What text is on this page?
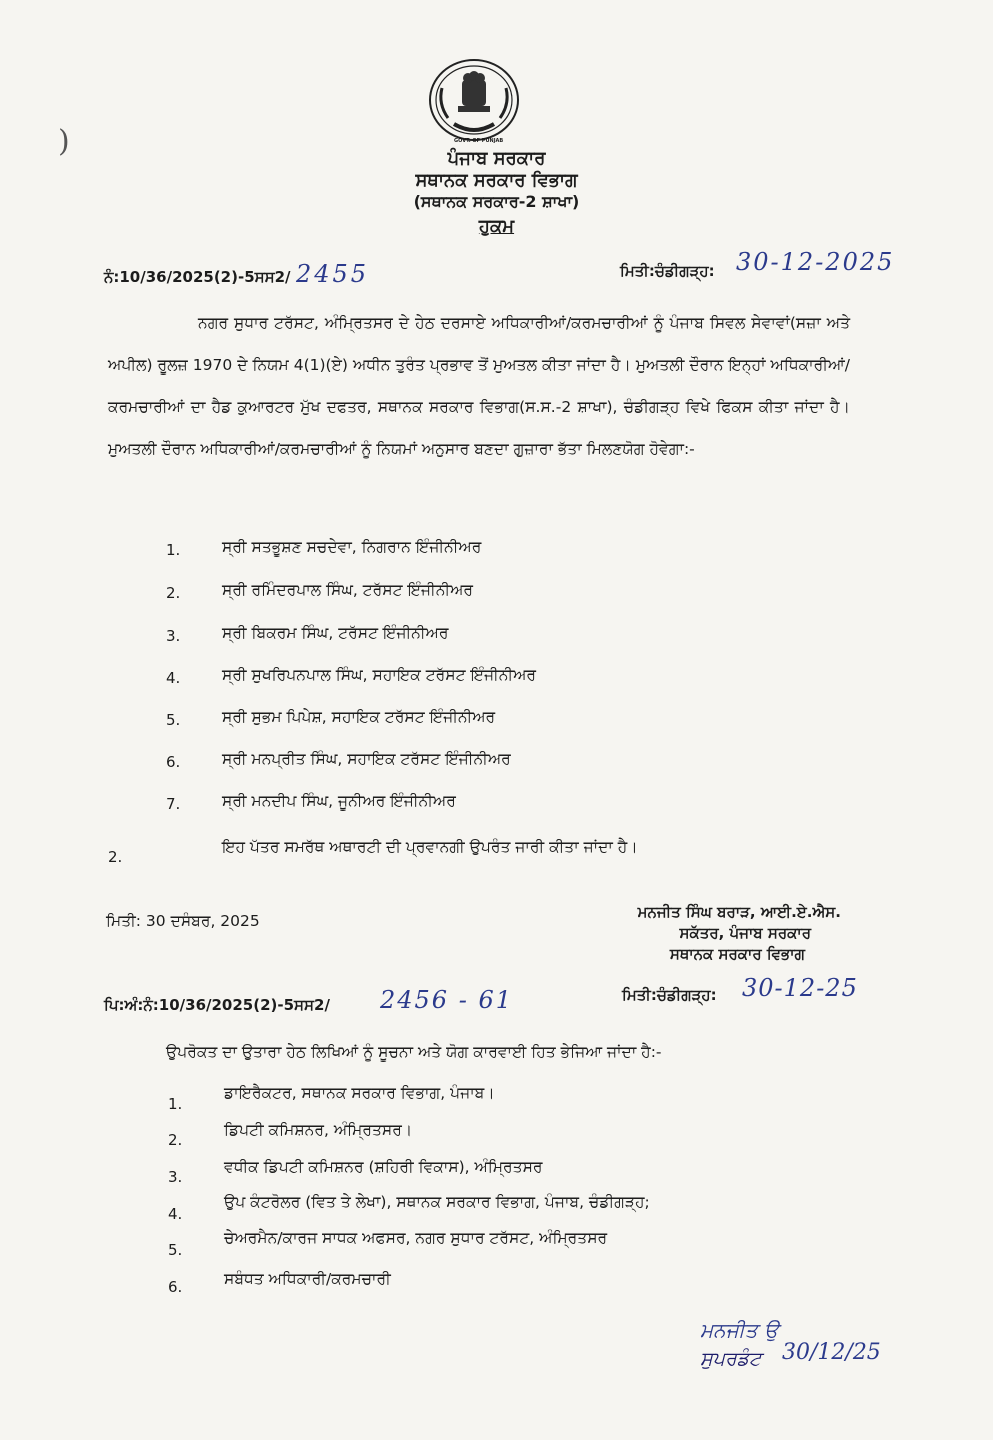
GOVT. OF PUNJAB
)	ਪੰਜਾਬ ਸਰਕਾਰ
ਸਥਾਨਕ ਸਰਕਾਰ ਵਿਭਾਗ
(ਸਥਾਨਕ ਸਰਕਾਰ-2 ਸ਼ਾਖਾ)
ਹੁਕਮ
ਨੰ:10/36/2025(2)-5ਸਸ2/ 2455	ਮਿਤੀ:ਚੰਡੀਗੜ੍ਹ: 30-12-2025
ਨਗਰ ਸੁਧਾਰ ਟਰੱਸਟ, ਅੰਮ੍ਰਿਤਸਰ ਦੇ ਹੇਠ ਦਰਸਾਏ ਅਧਿਕਾਰੀਆਂ/ਕਰਮਚਾਰੀਆਂ ਨੂੰ ਪੰਜਾਬ ਸਿਵਲ ਸੇਵਾਵਾਂ(ਸਜ਼ਾ ਅਤੇ ਅਪੀਲ) ਰੂਲਜ਼ 1970 ਦੇ ਨਿਯਮ 4(1)(ਏ) ਅਧੀਨ ਤੁਰੰਤ ਪ੍ਰਭਾਵ ਤੋਂ ਮੁਅਤਲ ਕੀਤਾ ਜਾਂਦਾ ਹੈ। ਮੁਅਤਲੀ ਦੌਰਾਨ ਇਨ੍ਹਾਂ ਅਧਿਕਾਰੀਆਂ/ਕਰਮਚਾਰੀਆਂ ਦਾ ਹੈਡ ਕੁਆਰਟਰ ਮੁੱਖ ਦਫਤਰ, ਸਥਾਨਕ ਸਰਕਾਰ ਵਿਭਾਗ(ਸ.ਸ.-2 ਸ਼ਾਖਾ), ਚੰਡੀਗੜ੍ਹ ਵਿਖੇ ਫਿਕਸ ਕੀਤਾ ਜਾਂਦਾ ਹੈ। ਮੁਅਤਲੀ ਦੌਰਾਨ ਅਧਿਕਾਰੀਆਂ/ਕਰਮਚਾਰੀਆਂ ਨੂੰ ਨਿਯਮਾਂ ਅਨੁਸਾਰ ਬਣਦਾ ਗੁਜ਼ਾਰਾ ਭੱਤਾ ਮਿਲਣਯੋਗ ਹੋਵੇਗਾ:-
1.	ਸ੍ਰੀ ਸਤਭੂਸ਼ਣ ਸਚਦੇਵਾ, ਨਿਗਰਾਨ ਇੰਜੀਨੀਅਰ
2.	ਸ੍ਰੀ ਰਮਿੰਦਰਪਾਲ ਸਿੰਘ, ਟਰੱਸਟ ਇੰਜੀਨੀਅਰ
3.	ਸ੍ਰੀ ਬਿਕਰਮ ਸਿੰਘ, ਟਰੱਸਟ ਇੰਜੀਨੀਅਰ
4.	ਸ੍ਰੀ ਸੁਖਰਿਪਨਪਾਲ ਸਿੰਘ, ਸਹਾਇਕ ਟਰੱਸਟ ਇੰਜੀਨੀਅਰ
5.	ਸ੍ਰੀ ਸੁਭਮ ਪਿਪੇਸ਼, ਸਹਾਇਕ ਟਰੱਸਟ ਇੰਜੀਨੀਅਰ
6.	ਸ੍ਰੀ ਮਨਪ੍ਰੀਤ ਸਿੰਘ, ਸਹਾਇਕ ਟਰੱਸਟ ਇੰਜੀਨੀਅਰ
7.	ਸ੍ਰੀ ਮਨਦੀਪ ਸਿੰਘ, ਜੂਨੀਅਰ ਇੰਜੀਨੀਅਰ
2.
ਇਹ ਪੱਤਰ ਸਮਰੱਥ ਅਥਾਰਟੀ ਦੀ ਪ੍ਰਵਾਨਗੀ ਉਪਰੰਤ ਜਾਰੀ ਕੀਤਾ ਜਾਂਦਾ ਹੈ।
ਮਿਤੀ: 30 ਦਸੰਬਰ, 2025	ਮਨਜੀਤ ਸਿੰਘ ਬਰਾੜ, ਆਈ.ਏ.ਐਸ.
ਸਕੱਤਰ, ਪੰਜਾਬ ਸਰਕਾਰ
ਸਥਾਨਕ ਸਰਕਾਰ ਵਿਭਾਗ
ਪਿ:ਅੰ:ਨੰ:10/36/2025(2)-5ਸਸ2/ 2456 - 61	ਮਿਤੀ:ਚੰਡੀਗੜ੍ਹ: 30-12-25
ਉਪਰੋਕਤ ਦਾ ਉਤਾਰਾ ਹੇਠ ਲਿਖਿਆਂ ਨੂੰ ਸੂਚਨਾ ਅਤੇ ਯੋਗ ਕਾਰਵਾਈ ਹਿਤ ਭੇਜਿਆ ਜਾਂਦਾ ਹੈ:-
1.
ਡਾਇਰੈਕਟਰ, ਸਥਾਨਕ ਸਰਕਾਰ ਵਿਭਾਗ, ਪੰਜਾਬ।
2.
ਡਿਪਟੀ ਕਮਿਸ਼ਨਰ, ਅੰਮ੍ਰਿਤਸਰ।
3.
ਵਧੀਕ ਡਿਪਟੀ ਕਮਿਸ਼ਨਰ (ਸ਼ਹਿਰੀ ਵਿਕਾਸ), ਅੰਮ੍ਰਿਤਸਰ
4.
ਉਪ ਕੰਟਰੋਲਰ (ਵਿਤ ਤੇ ਲੇਖਾ), ਸਥਾਨਕ ਸਰਕਾਰ ਵਿਭਾਗ, ਪੰਜਾਬ, ਚੰਡੀਗੜ੍ਹ;
5.
ਚੇਅਰਮੈਨ/ਕਾਰਜ ਸਾਧਕ ਅਫਸਰ, ਨਗਰ ਸੁਧਾਰ ਟਰੱਸਟ, ਅੰਮ੍ਰਿਤਸਰ
6.	ਸਬੰਧਤ ਅਧਿਕਾਰੀ/ਕਰਮਚਾਰੀ
ਮਨਜੀਤ ਉ
ਸੁਪਰਡੰਟ 30/12/25
